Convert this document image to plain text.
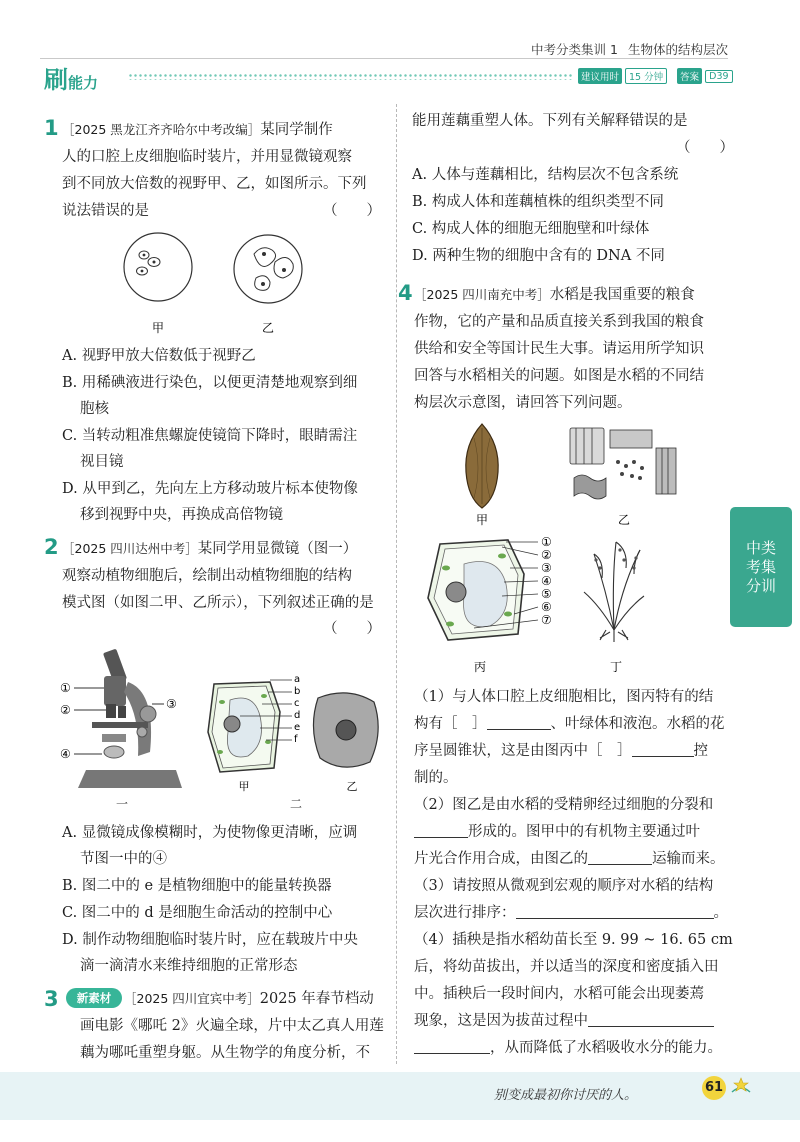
中考分类集训 1 生物体的结构层次
刷能力	建议用时	15 分钟	答案	D39
中
考
分
类
集
训
1 ［2025 黑龙江齐齐哈尔中考改编］某同学制作
人的口腔上皮细胞临时装片，并用显微镜观察
到不同放大倍数的视野甲、乙，如图所示。下列
说法错误的是	（　　）
甲	乙
A. 视野甲放大倍数低于视野乙
B. 用稀碘液进行染色，以便更清楚地观察到细
胞核
C. 当转动粗准焦螺旋使镜筒下降时，眼睛需注
视目镜
D. 从甲到乙，先向左上方移动玻片标本使物像
移到视野中央，再换成高倍物镜
2 ［2025 四川达州中考］某同学用显微镜（图一）
观察动植物细胞后，绘制出动植物细胞的结构
模式图（如图二甲、乙所示），下列叙述正确的是
（　　）
①
②	③
④
一
a
b
c
d
e
f
甲	乙
二
A. 显微镜成像模糊时，为使物像更清晰，应调
节图一中的④
B. 图二中的 e 是植物细胞中的能量转换器
C. 图二中的 d 是细胞生命活动的控制中心
D. 制作动物细胞临时装片时，应在载玻片中央
滴一滴清水来维持细胞的正常形态
3	新素材	［2025 四川宜宾中考］2025 年春节档动
画电影《哪吒 2》火遍全球，片中太乙真人用莲
藕为哪吒重塑身躯。从生物学的角度分析，不
能用莲藕重塑人体。下列有关解释错误的是
（　　）
A. 人体与莲藕相比，结构层次不包含系统
B. 构成人体和莲藕植株的组织类型不同
C. 构成人体的细胞无细胞壁和叶绿体
D. 两种生物的细胞中含有的 DNA 不同
4 ［2025 四川南充中考］水稻是我国重要的粮食
作物，它的产量和品质直接关系到我国的粮食
供给和安全等国计民生大事。请运用所学知识
回答与水稻相关的问题。如图是水稻的不同结
构层次示意图，请回答下列问题。
甲	乙
①
②
③
④
⑤
⑥
⑦
丙	丁
（1）与人体口腔上皮细胞相比，图丙特有的结
构有［　］	、叶绿体和液泡。水稻的花
序呈圆锥状，这是由图丙中［　］	控
制的。
（2）图乙是由水稻的受精卵经过细胞的分裂和
形成的。图甲中的有机物主要通过叶
片光合作用合成，由图乙的	运输而来。
（3）请按照从微观到宏观的顺序对水稻的结构
层次进行排序：	。
（4）插秧是指水稻幼苗长至 9. 99 ~ 16. 65 cm
后，将幼苗拔出，并以适当的深度和密度插入田
中。插秧后一段时间内，水稻可能会出现萎蔫
现象，这是因为拔苗过程中
，从而降低了水稻吸收水分的能力。
别变成最初你讨厌的人。
61
